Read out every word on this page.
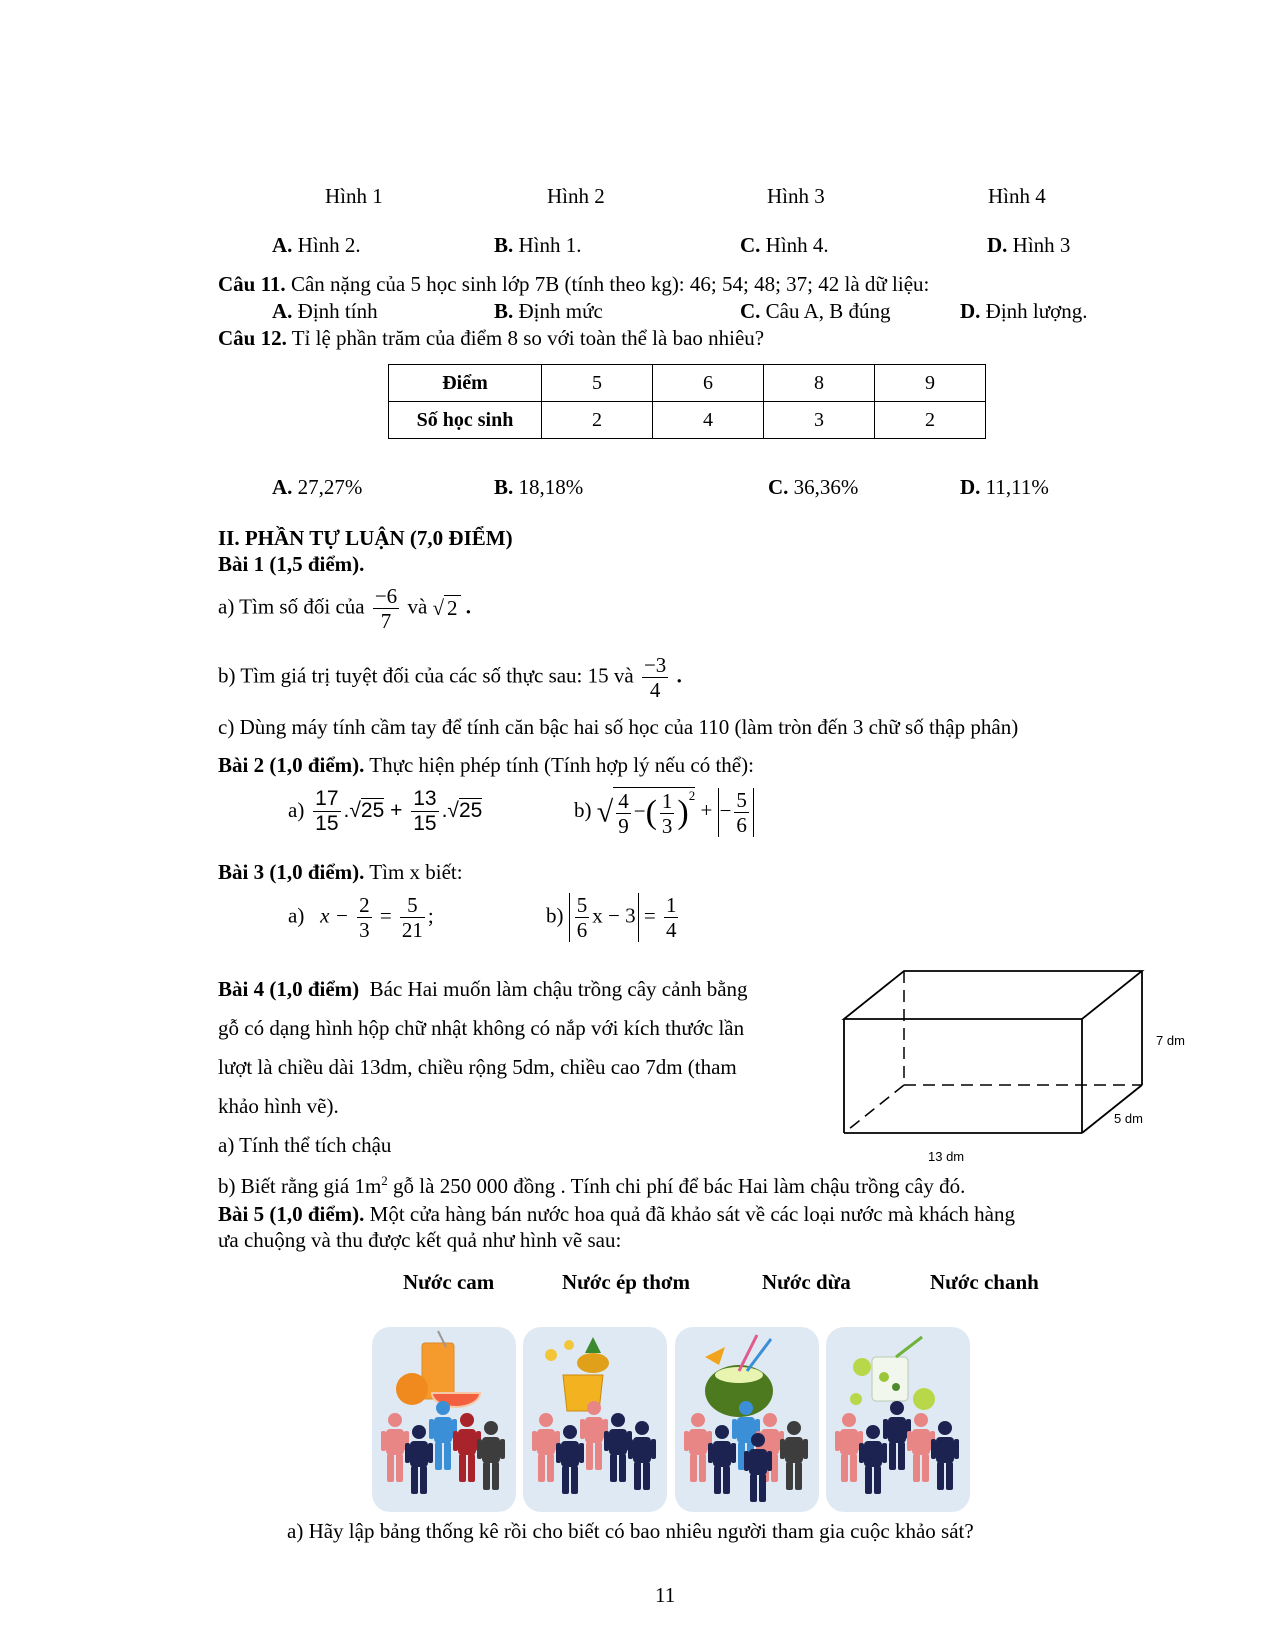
Hình 1	Hình 2	Hình 3	Hình 4
A. Hình 2.	B. Hình 1.	C. Hình 4.	D. Hình 3
Câu 11. Cân nặng của 5 học sinh lớp 7B (tính theo kg): 46; 54; 48; 37; 42 là dữ liệu:
A. Định tính	B. Định mức	C. Câu A, B đúng	D. Định lượng.
Câu 12. Tỉ lệ phần trăm của điểm 8 so với toàn thể là bao nhiêu?
Điểm	5	6	8	9
Số học sinh	2	4	3	2
A. 27,27%	B. 18,18%	C. 36,36%	D. 11,11%
II. PHẦN TỰ LUẬN (7,0 ĐIỂM)
Bài 1 (1,5 điểm).
a) Tìm số đối của $\frac{-6}{7}$ và √ 2 .
b) Tìm giá trị tuyệt đối của các số thực sau: 15 và $\frac{-3}{4}$ .
c) Dùng máy tính cầm tay để tính căn bậc hai số học của 110 (làm tròn đến 3 chữ số thập phân)
Bài 2 (1,0 điểm). Thực hiện phép tính (Tính hợp lý nếu có thể):
$a) \frac{17}{15} .√25 + \frac{13}{15} .√25$	b) √ $\frac{4}{9}$ −( $\frac{1}{3} )^2$ + − $\frac{5}{6}$
Bài 3 (1,0 điểm). Tìm x biết:
a) $x - \frac{2}{3} = \frac{5}{21}$ ;	$b) \frac{5}{6}$ $x - 3 = \frac{1}{4}$
Bài 4 (1,0 điểm) Bác Hai muốn làm chậu trồng cây cảnh bằng
gỗ có dạng hình hộp chữ nhật không có nắp với kích thước lần
lượt là chiều dài 13dm, chiều rộng 5dm, chiều cao 7dm (tham
khảo hình vẽ).
a) Tính thể tích chậu
b) Biết rằng giá $1m^2$ gỗ là 250 000 đồng . Tính chi phí để bác Hai làm chậu trồng cây đó.
7 dm
5 dm
13 dm
Bài 5 (1,0 điểm). Một cửa hàng bán nước hoa quả đã khảo sát về các loại nước mà khách hàng
ưa chuộng và thu được kết quả như hình vẽ sau:
Nước cam	Nước ép thơm	Nước dừa	Nước chanh
a) Hãy lập bảng thống kê rồi cho biết có bao nhiêu người tham gia cuộc khảo sát?
11
